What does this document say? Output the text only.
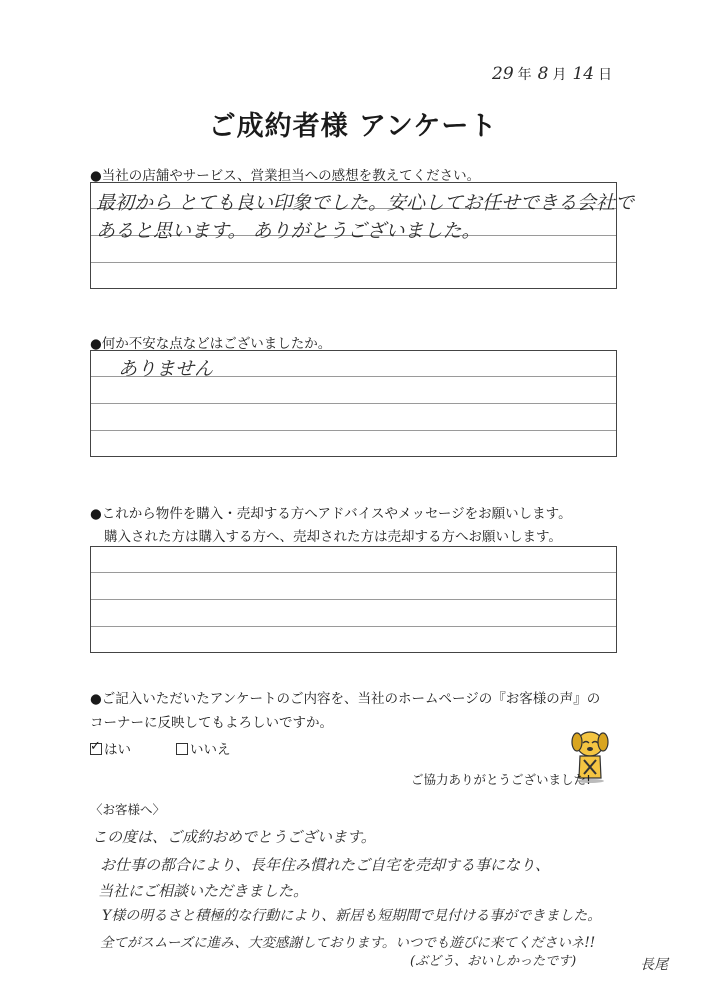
29 年 8 月 14 日
ご成約者様 アンケート
●当社の店舗やサービス、営業担当への感想を教えてください。
最初から とても良い印象でした。安心してお任せできる会社で
あると思います。 ありがとうございました。
●何か不安な点などはございましたか。
ありません
●これから物件を購入・売却する方へアドバイスやメッセージをお願いします。
購入された方は購入する方へ、売却された方は売却する方へお願いします。
●ご記入いただいたアンケートのご内容を、当社のホームページの『お客様の声』の
コーナーに反映してもよろしいですか。
✓ はい	いいえ
ご協力ありがとうございました!
〈お客様へ〉
この度は、ご成約おめでとうございます。
お仕事の都合により、長年住み慣れたご自宅を売却する事になり、
当社にご相談いただきました。
Y様の明るさと積極的な行動により、新居も短期間で見付ける事ができました。
全てがスムーズに進み、大変感謝しております。いつでも遊びに来てくださいネ!!
(ぶどう、おいしかったです)	長尾
